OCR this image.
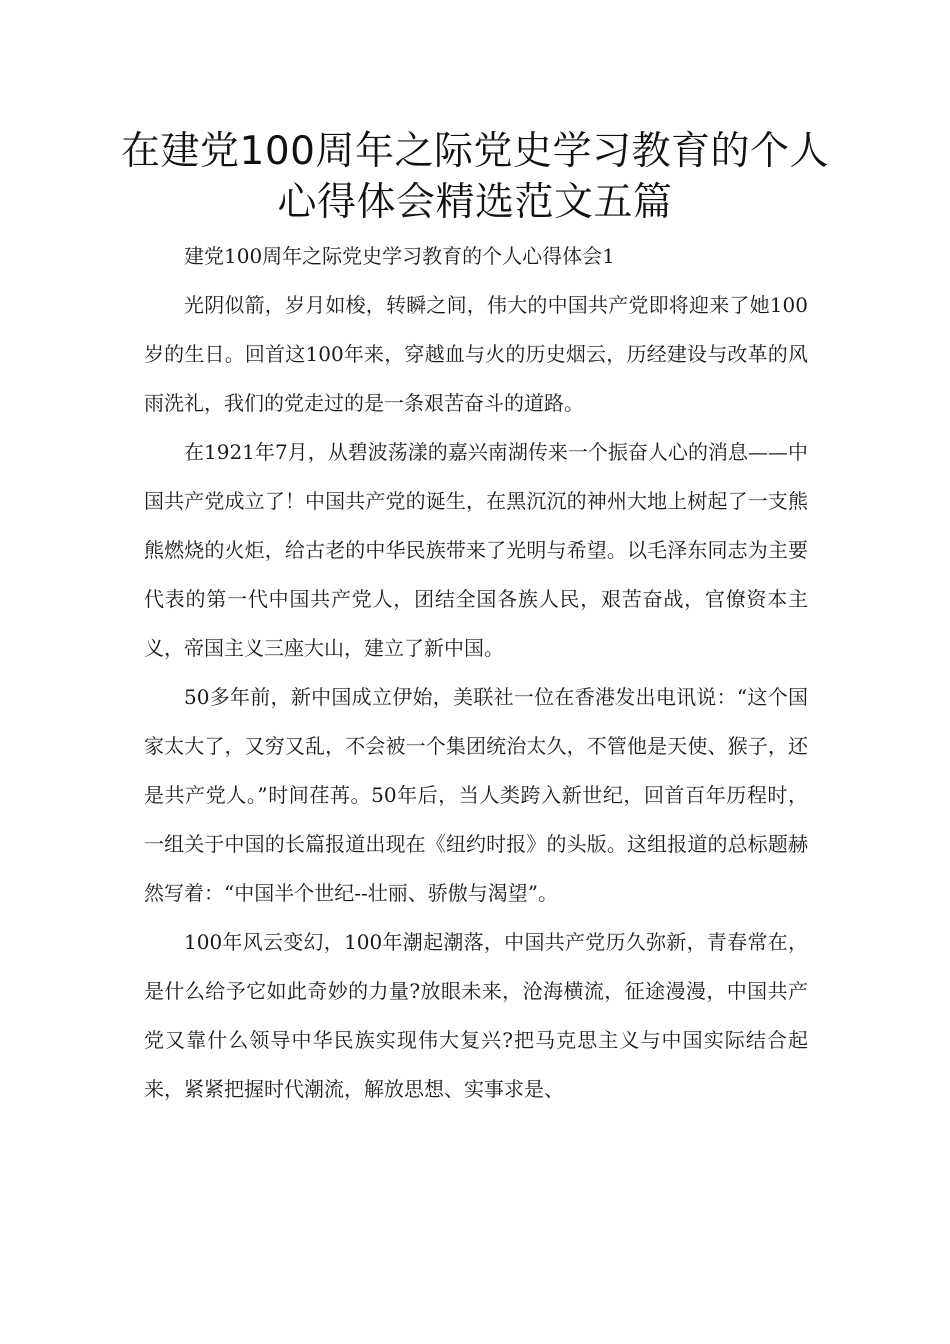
在建党100周年之际党史学习教育的个人心得体会精选范文五篇

建党100周年之际党史学习教育的个人心得体会1

光阴似箭，岁月如梭，转瞬之间，伟大的中国共产党即将迎来了她100岁的生日。回首这100年来，穿越血与火的历史烟云，历经建设与改革的风雨洗礼，我们的党走过的是一条艰苦奋斗的道路。

在1921年7月，从碧波荡漾的嘉兴南湖传来一个振奋人心的消息——中国共产党成立了！中国共产党的诞生，在黑沉沉的神州大地上树起了一支熊熊燃烧的火炬，给古老的中华民族带来了光明与希望。以毛泽东同志为主要代表的第一代中国共产党人，团结全国各族人民，艰苦奋战，官僚资本主义，帝国主义三座大山，建立了新中国。

50多年前，新中国成立伊始，美联社一位在香港发出电讯说：“这个国家太大了，又穷又乱，不会被一个集团统治太久，不管他是天使、猴子，还是共产党人。”时间荏苒。50年后，当人类跨入新世纪，回首百年历程时，一组关于中国的长篇报道出现在《纽约时报》的头版。这组报道的总标题赫然写着：“中国半个世纪--壮丽、骄傲与渴望”。

100年风云变幻，100年潮起潮落，中国共产党历久弥新，青春常在，是什么给予它如此奇妙的力量?放眼未来，沧海横流，征途漫漫，中国共产党又靠什么领导中华民族实现伟大复兴?把马克思主义与中国实际结合起来，紧紧把握时代潮流，解放思想、实事求是、
